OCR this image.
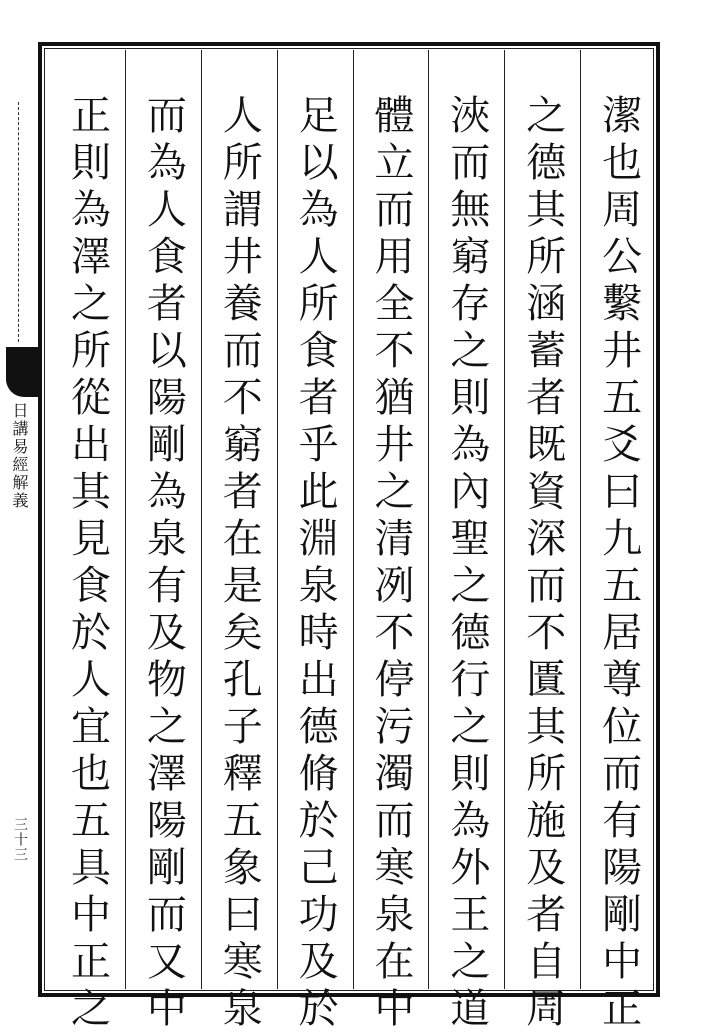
日講易經解義
三十三	潔也周公繫井五爻曰九五居尊位而有陽剛中正
之德其所涵蓄者既資深而不匱其所施及者自周
浹而無窮存之則為內聖之德行之則為外王之道
體立而用全不猶井之清冽不停污濁而寒泉在中
足以為人所食者乎此淵泉時出德脩於己功及於
人所謂井養而不窮者在是矣孔子釋五象曰寒泉
而為人食者以陽剛為泉有及物之澤陽剛而又中
正則為澤之所從出其見食於人宜也五具中正之
